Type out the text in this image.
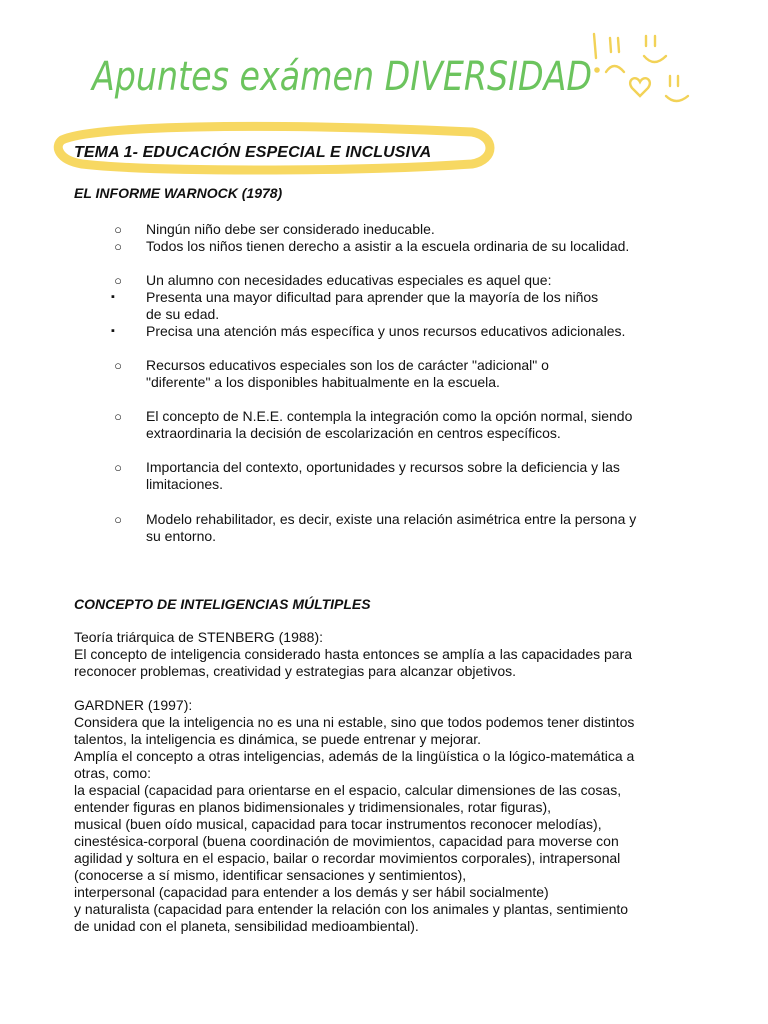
Apuntes exámen DIVERSIDAD
TEMA 1- EDUCACIÓN ESPECIAL E INCLUSIVA
EL INFORME WARNOCK (1978)
○ Ningún niño debe ser considerado ineducable.
○ Todos los niños tienen derecho a asistir a la escuela ordinaria de su localidad.
○ Un alumno con necesidades educativas especiales es aquel que:
▪	Presenta una mayor dificultad para aprender que la mayoría de los niños
de su edad.
▪	Precisa una atención más específica y unos recursos educativos adicionales.
○ Recursos educativos especiales son los de carácter "adicional" o
"diferente" a los disponibles habitualmente en la escuela.
○ El concepto de N.E.E. contempla la integración como la opción normal, siendo
extraordinaria la decisión de escolarización en centros específicos.
○ Importancia del contexto, oportunidades y recursos sobre la deficiencia y las
limitaciones.
○ Modelo rehabilitador, es decir, existe una relación asimétrica entre la persona y
su entorno.
CONCEPTO DE INTELIGENCIAS MÚLTIPLES
Teoría triárquica de STENBERG (1988):
El concepto de inteligencia considerado hasta entonces se amplía a las capacidades para
reconocer problemas, creatividad y estrategias para alcanzar objetivos.
GARDNER (1997):
Considera que la inteligencia no es una ni estable, sino que todos podemos tener distintos
talentos, la inteligencia es dinámica, se puede entrenar y mejorar.
Amplía el concepto a otras inteligencias, además de la lingüística o la lógico-matemática a
otras, como:
la espacial (capacidad para orientarse en el espacio, calcular dimensiones de las cosas,
entender figuras en planos bidimensionales y tridimensionales, rotar figuras),
musical (buen oído musical, capacidad para tocar instrumentos reconocer melodías),
cinestésica-corporal (buena coordinación de movimientos, capacidad para moverse con
agilidad y soltura en el espacio, bailar o recordar movimientos corporales), intrapersonal
(conocerse a sí mismo, identificar sensaciones y sentimientos),
interpersonal (capacidad para entender a los demás y ser hábil socialmente)
y naturalista (capacidad para entender la relación con los animales y plantas, sentimiento
de unidad con el planeta, sensibilidad medioambiental).
